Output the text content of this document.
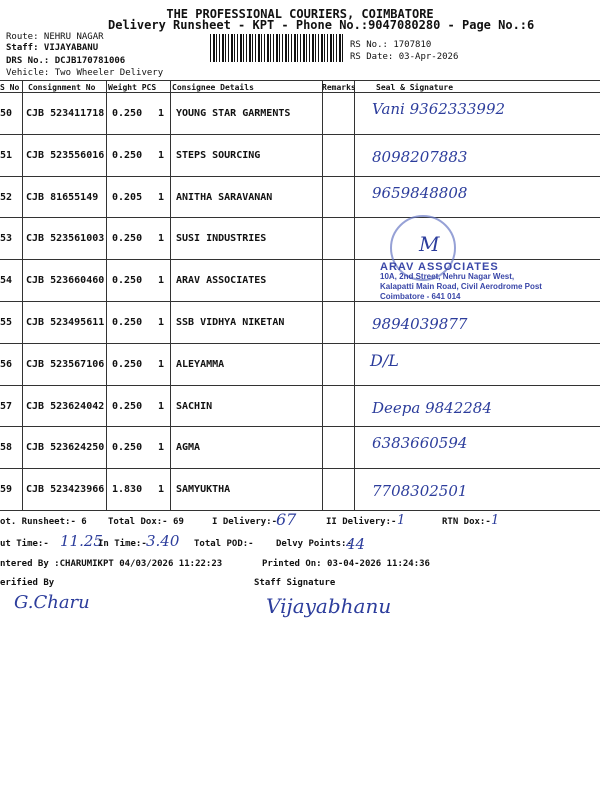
THE PROFESSIONAL COURIERS, COIMBATORE
Delivery Runsheet - KPT - Phone No.:9047080280 - Page No.:6
Route: NEHRU NAGAR
Staff: VIJAYABANU
DRS No.: DCJB170781006
Vehicle: Two Wheeler Delivery
RS No.: 1707810
RS Date: 03-Apr-2026
S No Consignment No Weight PCS Consignee Details	Remarks	Seal & Signature
50 CJB 523411718 0.250 1 YOUNG STAR GARMENTS	Vani 9362333992
51 CJB 523556016 0.250 1 STEPS SOURCING	8098207883
52 CJB 81655149 0.205 1 ANITHA SARAVANAN	9659848808
53 CJB 523561003 0.250 1 SUSI INDUSTRIES
54 CJB 523660460 0.250 1 ARAV ASSOCIATES
55 CJB 523495611 0.250 1 SSB VIDHYA NIKETAN	9894039877
56 CJB 523567106 0.250 1 ALEYAMMA	D/L
57 CJB 523624042 0.250 1 SACHIN	Deepa 9842284
58 CJB 523624250 0.250 1 AGMA	6383660594
59 CJB 523423966 1.830 1 SAMYUKTHA	7708302501
M
ARAV ASSOCIATES
10A, 2nd Street, Nehru Nagar West,
Kalapatti Main Road, Civil Aerodrome Post
Coimbatore - 641 014
ot. Runsheet:- 6 Total Dox:- 69	I Delivery:-
67	II Delivery:- 1	RTN Dox:- 1
ut Time:- 11.25
In Time:- 3.40 Total POD:- Delvy Points:-
44
ntered By :CHARUMIKPT 04/03/2026 11:22:23	Printed On: 03-04-2026 11:24:36
erified By
G.Charu
Staff Signature
Vijayabhanu
